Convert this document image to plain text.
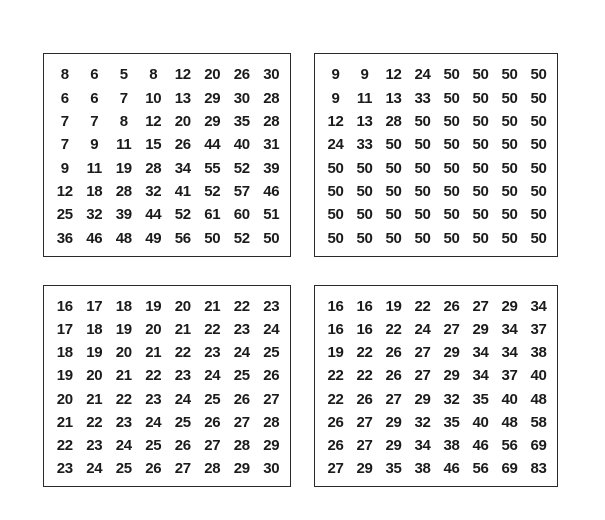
8	6	5	8	12 20 26 30
6	6	7	10 13 29 30 28
7	7	8	12 20 29 35 28
7	9	11 15 26 44 40 31
9	11 19 28 34 55 52 39
12 18 28 32 41 52 57 46
25 32 39 44 52 61 60 51
36 46 48 49 56 50 52 50
9	9	12 24 50 50 50 50
9	11 13 33 50 50 50 50
12 13 28 50 50 50 50 50
24 33 50 50 50 50 50 50
50 50 50 50 50 50 50 50
50 50 50 50 50 50 50 50
50 50 50 50 50 50 50 50
50 50 50 50 50 50 50 50
16 17 18 19 20 21 22 23
17 18 19 20 21 22 23 24
18 19 20 21 22 23 24 25
19 20 21 22 23 24 25 26
20 21 22 23 24 25 26 27
21 22 23 24 25 26 27 28
22 23 24 25 26 27 28 29
23 24 25 26 27 28 29 30
16 16 19 22 26 27 29 34
16 16 22 24 27 29 34 37
19 22 26 27 29 34 34 38
22 22 26 27 29 34 37 40
22 26 27 29 32 35 40 48
26 27 29 32 35 40 48 58
26 27 29 34 38 46 56 69
27 29 35 38 46 56 69 83
